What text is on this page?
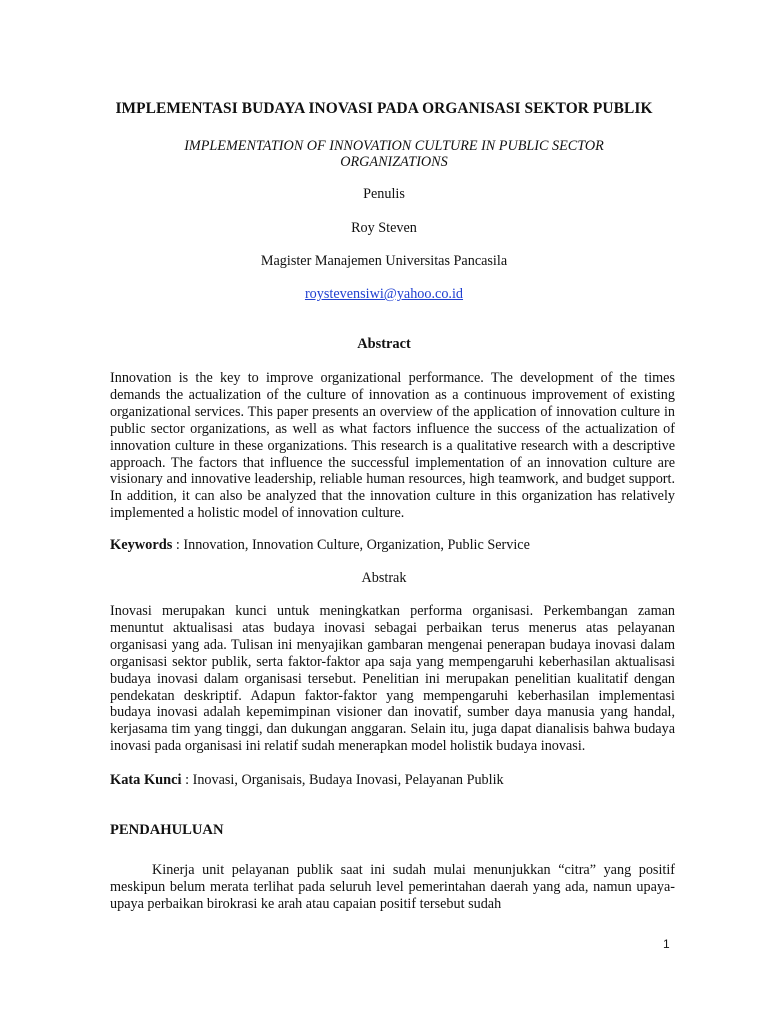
IMPLEMENTASI BUDAYA INOVASI PADA ORGANISASI SEKTOR PUBLIK
IMPLEMENTATION OF INNOVATION CULTURE IN PUBLIC SECTOR ORGANIZATIONS
Penulis
Roy Steven
Magister Manajemen Universitas Pancasila
roystevensiwi@yahoo.co.id
Abstract
Innovation is the key to improve organizational performance. The development of the times demands the actualization of the culture of innovation as a continuous improvement of existing organizational services. This paper presents an overview of the application of innovation culture in public sector organizations, as well as what factors influence the success of the actualization of innovation culture in these organizations. This research is a qualitative research with a descriptive approach. The factors that influence the successful implementation of an innovation culture are visionary and innovative leadership, reliable human resources, high teamwork, and budget support. In addition, it can also be analyzed that the innovation culture in this organization has relatively implemented a holistic model of innovation culture.
Keywords : Innovation, Innovation Culture, Organization, Public Service
Abstrak
Inovasi merupakan kunci untuk meningkatkan performa organisasi. Perkembangan zaman menuntut aktualisasi atas budaya inovasi sebagai perbaikan terus menerus atas pelayanan organisasi yang ada. Tulisan ini menyajikan gambaran mengenai penerapan budaya inovasi dalam organisasi sektor publik, serta faktor-faktor apa saja yang mempengaruhi keberhasilan aktualisasi budaya inovasi dalam organisasi tersebut. Penelitian ini merupakan penelitian kualitatif dengan pendekatan deskriptif. Adapun faktor-faktor yang mempengaruhi keberhasilan implementasi budaya inovasi adalah kepemimpinan visioner dan inovatif, sumber daya manusia yang handal, kerjasama tim yang tinggi, dan dukungan anggaran. Selain itu, juga dapat dianalisis bahwa budaya inovasi pada organisasi ini relatif sudah menerapkan model holistik budaya inovasi.
Kata Kunci : Inovasi, Organisais, Budaya Inovasi, Pelayanan Publik
PENDAHULUAN
Kinerja unit pelayanan publik saat ini sudah mulai menunjukkan “citra” yang positif meskipun belum merata terlihat pada seluruh level pemerintahan daerah yang ada, namun upaya-upaya perbaikan birokrasi ke arah atau capaian positif tersebut sudah
1
